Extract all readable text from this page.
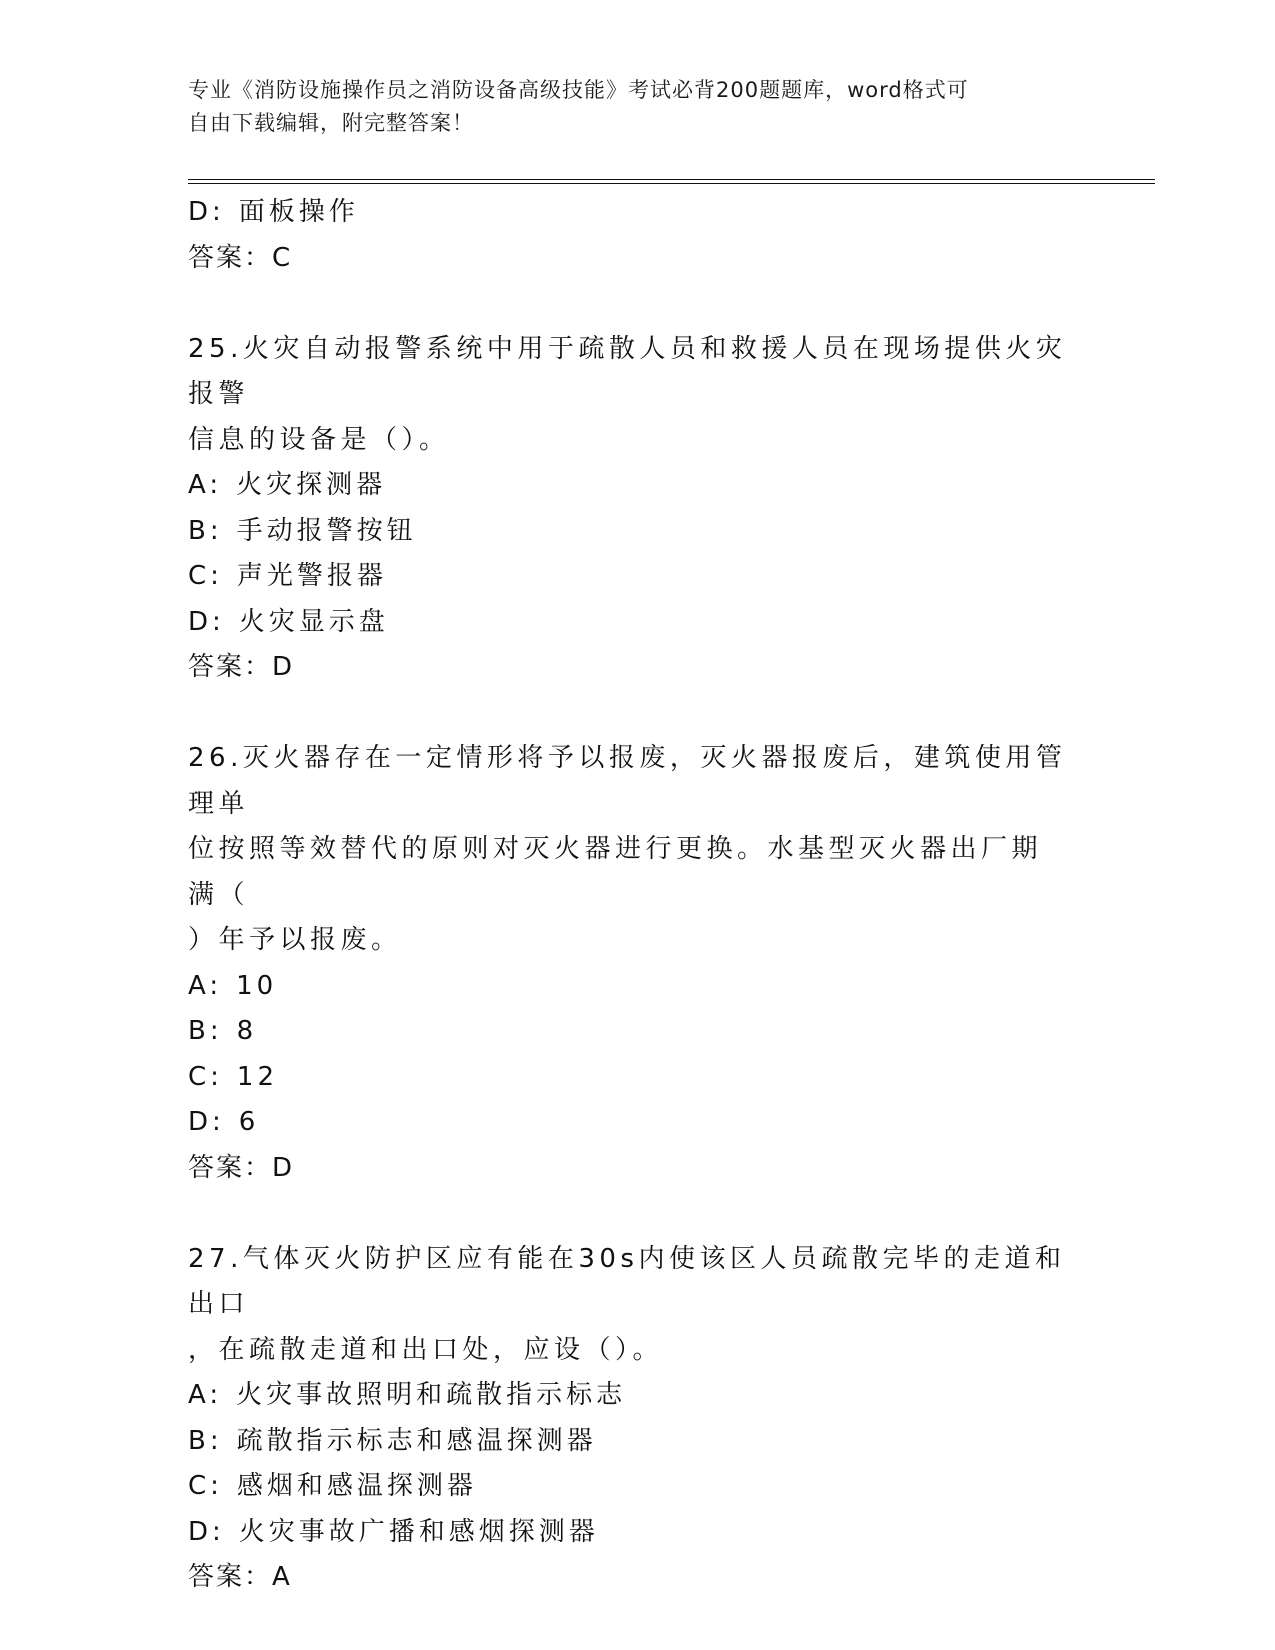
专业《消防设施操作员之消防设备高级技能》考试必背200题题库，word格式可
自由下载编辑，附完整答案！
D: 面板操作
答案：C
25.火灾自动报警系统中用于疏散人员和救援人员在现场提供火灾报警
信息的设备是（）。
A: 火灾探测器
B: 手动报警按钮
C: 声光警报器
D: 火灾显示盘
答案：D
26.灭火器存在一定情形将予以报废，灭火器报废后，建筑使用管理单
位按照等效替代的原则对灭火器进行更换。水基型灭火器出厂期满（
）年予以报废。
A: 10
B: 8
C: 12
D: 6
答案：D
27.气体灭火防护区应有能在30s内使该区人员疏散完毕的走道和出口
，在疏散走道和出口处，应设（）。
A: 火灾事故照明和疏散指示标志
B: 疏散指示标志和感温探测器
C: 感烟和感温探测器
D: 火灾事故广播和感烟探测器
答案：A
